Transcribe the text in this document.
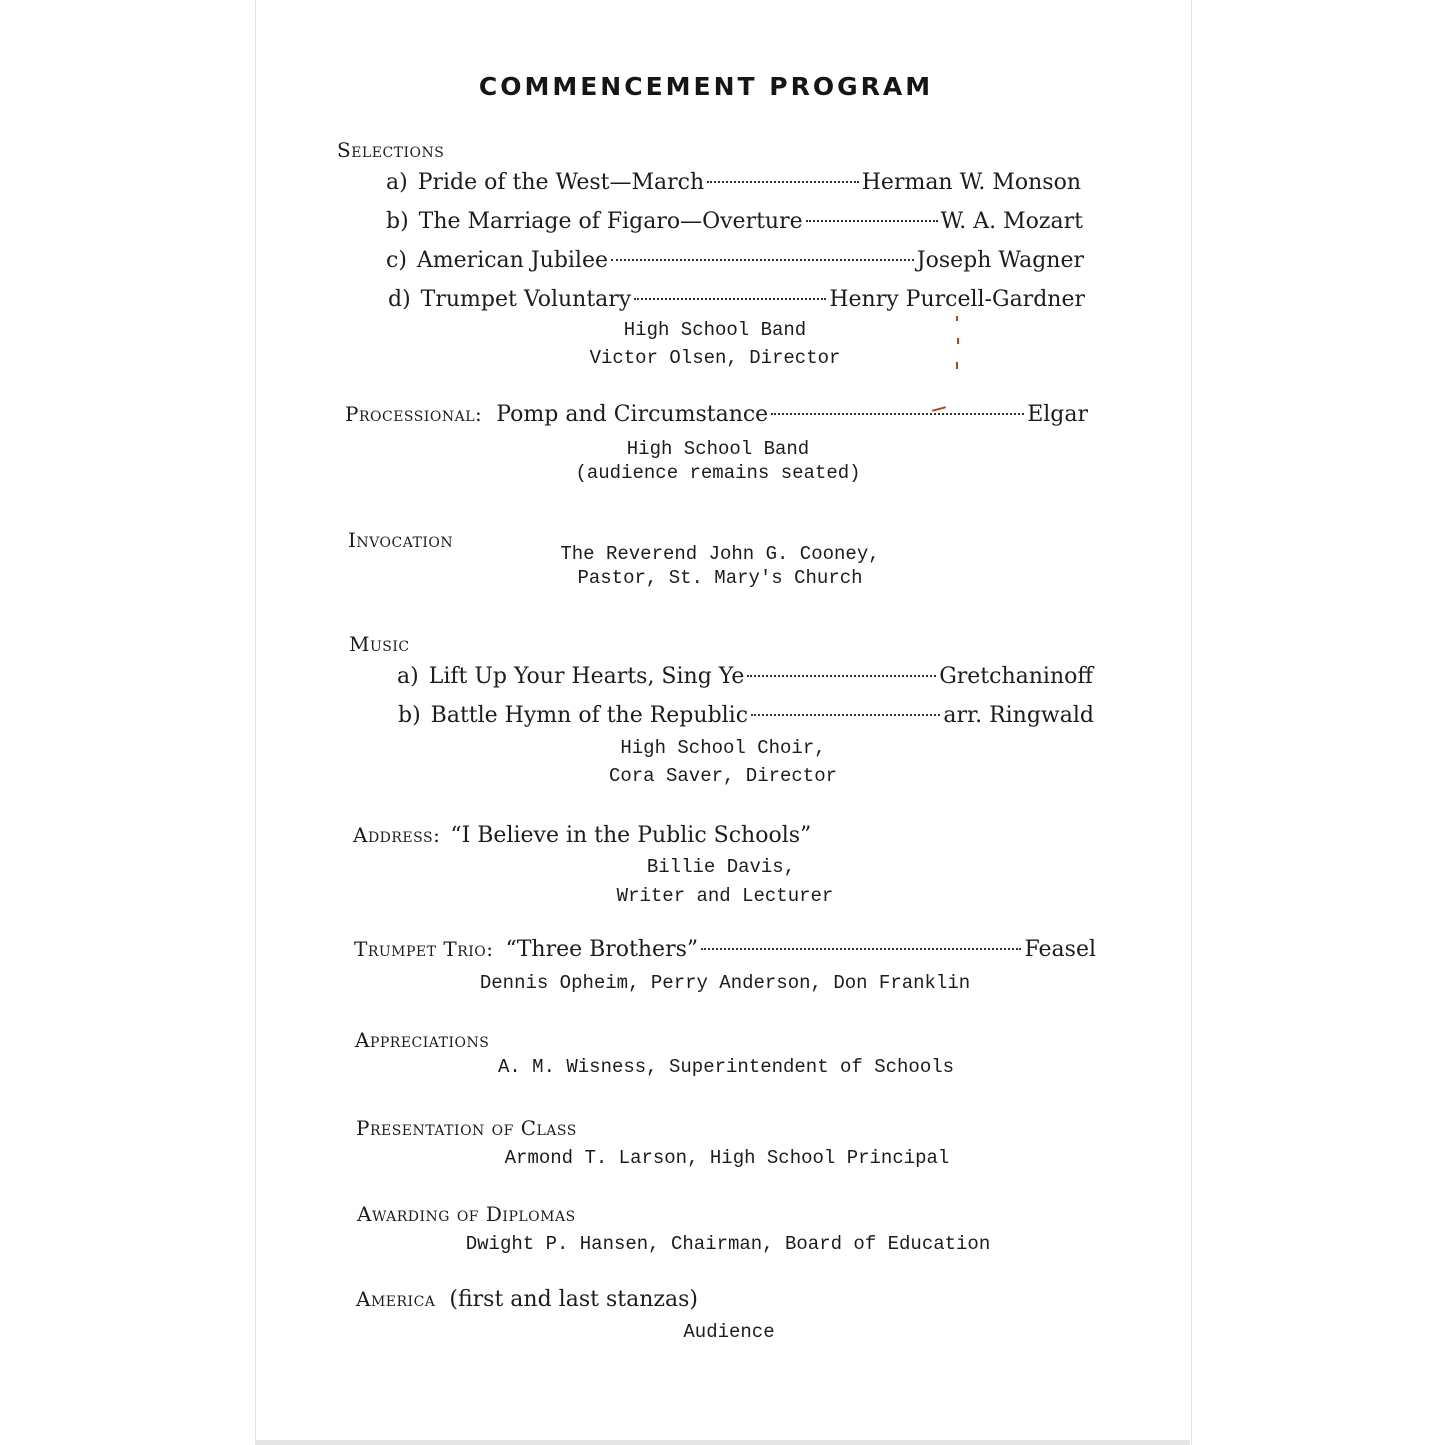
COMMENCEMENT PROGRAM
Selections
a) Pride of the West—March	Herman W. Monson
b) The Marriage of Figaro—Overture	W. A. Mozart
c) American Jubilee	Joseph Wagner
d) Trumpet Voluntary	Henry Purcell-Gardner
High School Band
Victor Olsen, Director
Processional: Pomp and Circumstance	Elgar
High School Band
(audience remains seated)
Invocation
The Reverend John G. Cooney,
Pastor, St. Mary's Church
Music
a) Lift Up Your Hearts, Sing Ye	Gretchaninoff
b) Battle Hymn of the Republic	arr. Ringwald
High School Choir,
Cora Saver, Director
Address: “I Believe in the Public Schools”
Billie Davis,
Writer and Lecturer
Trumpet Trio: “Three Brothers”	Feasel
Dennis Opheim, Perry Anderson, Don Franklin
Appreciations
A. M. Wisness, Superintendent of Schools
Presentation of Class
Armond T. Larson, High School Principal
Awarding of Diplomas
Dwight P. Hansen, Chairman, Board of Education
America (first and last stanzas)
Audience
